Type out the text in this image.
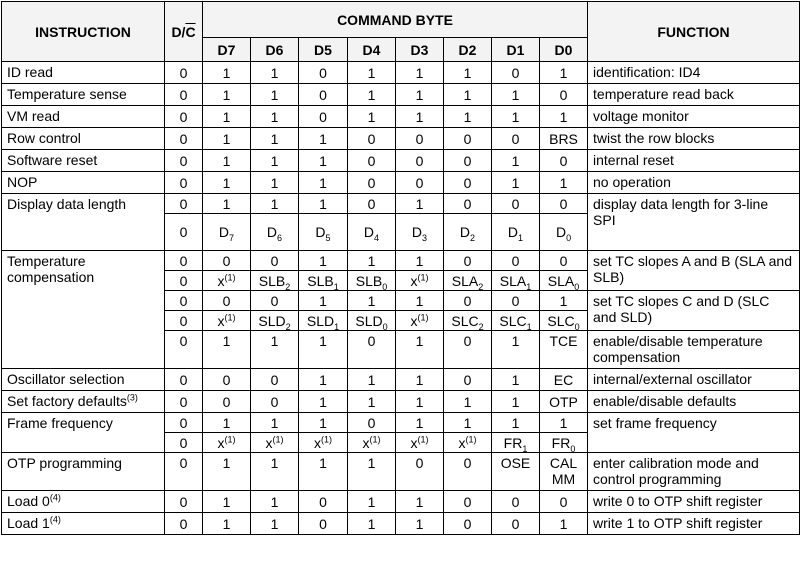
INSTRUCTION	$D/\overline{C}$	COMMAND BYTE								FUNCTION
		D7	D6	D5	D4	D3	D2	D1	D0	
ID read	0	1	1	0	1	1	1	0	1	identification: ID4
Temperature sense	0	1	1	0	1	1	1	1	0	temperature read back
VM read	0	1	1	0	1	1	1	1	1	voltage monitor
Row control	0	1	1	1	0	0	0	0	BRS	twist the row blocks
Software reset	0	1	1	1	0	0	0	1	0	internal reset
NOP	0	1	1	1	0	0	0	1	1	no operation
Display data length	0	1	1	1	0	1	0	0	0	display data length for 3-line SPI
	0	$D_7$	$D_6$	$D_5$	$D_4$	$D_3$	$D_2$	$D_1$	$D_0$
Temperature compensation	0	0	0	1	1	1	0	0	0	set TC slopes A and B (SLA and SLB)
	0	$x^{(1)}$	$SLB_2$	$SLB_1$	$SLB_0$	$x^{(1)}$	$SLA_2$	$SLA_1$	$SLA_0$
	0	0	0	1	1	1	0	0	1	set TC slopes C and D (SLC and SLD)
	0	$x^{(1)}$	$SLD_2$	$SLD_1$	$SLD_0$	$x^{(1)}$	$SLC_2$	$SLC_1$	$SLC_0$
	0	1	1	1	0	1	0	1	TCE	enable/disable temperature compensation
Oscillator selection	0	0	0	1	1	1	0	1	EC	internal/external oscillator
Set factory defaults$^{(3)}$	0	0	0	1	1	1	1	1	OTP	enable/disable defaults
Frame frequency	0	1	1	1	0	1	1	1	1	set frame frequency
	0	$x^{(1)}$	$x^{(1)}$	$x^{(1)}$	$x^{(1)}$	$x^{(1)}$	$x^{(1)}$	$FR_1$	$FR_0$
OTP programming	0	1	1	1	1	0	0	OSE	CAL MM	enter calibration mode and control programming
Load 0$^{(4)}$	0	1	1	0	1	1	0	0	0	write 0 to OTP shift register
Load 1$^{(4)}$	0	1	1	0	1	1	0	0	1	write 1 to OTP shift register
